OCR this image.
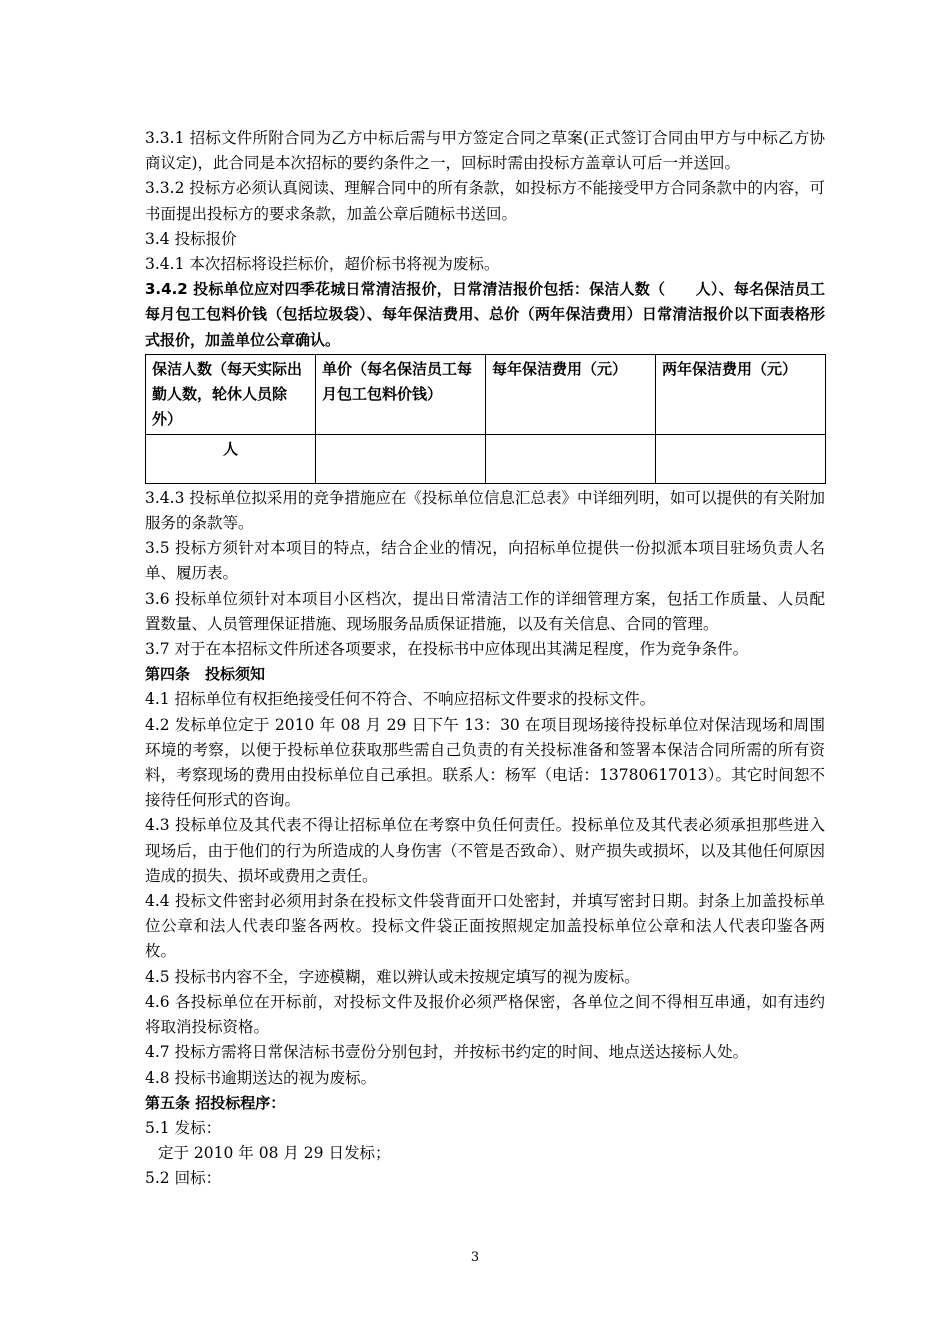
3.3.1 招标文件所附合同为乙方中标后需与甲方签定合同之草案(正式签订合同由甲方与中标乙方协商议定)，此合同是本次招标的要约条件之一，回标时需由投标方盖章认可后一并送回。

3.3.2 投标方必须认真阅读、理解合同中的所有条款，如投标方不能接受甲方合同条款中的内容，可书面提出投标方的要求条款，加盖公章后随标书送回。

3.4 投标报价

3.4.1 本次招标将设拦标价，超价标书将视为废标。

3.4.2 投标单位应对四季花城日常清洁报价，日常清洁报价包括：保洁人数（　　人）、每名保洁员工每月包工包料价钱（包括垃圾袋）、每年保洁费用、总价（两年保洁费用）日常清洁报价以下面表格形式报价，加盖单位公章确认。

保洁人数（每天实际出勤人数，轮休人员除外）	单价（每名保洁员工每月包工包料价钱）	每年保洁费用（元）	两年保洁费用（元）
人			

3.4.3 投标单位拟采用的竞争措施应在《投标单位信息汇总表》中详细列明，如可以提供的有关附加服务的条款等。

3.5 投标方须针对本项目的特点，结合企业的情况，向招标单位提供一份拟派本项目驻场负责人名单、履历表。

3.6 投标单位须针对本项目小区档次，提出日常清洁工作的详细管理方案，包括工作质量、人员配置数量、人员管理保证措施、现场服务品质保证措施，以及有关信息、合同的管理。

3.7 对于在本招标文件所述各项要求，在投标书中应体现出其满足程度，作为竞争条件。

第四条　投标须知

4.1 招标单位有权拒绝接受任何不符合、不响应招标文件要求的投标文件。

4.2 发标单位定于 2010 年 08 月 29 日下午 13：30 在项目现场接待投标单位对保洁现场和周围环境的考察，以便于投标单位获取那些需自己负责的有关投标准备和签署本保洁合同所需的所有资料，考察现场的费用由投标单位自己承担。联系人：杨军（电话：13780617013）。其它时间恕不接待任何形式的咨询。

4.3 投标单位及其代表不得让招标单位在考察中负任何责任。投标单位及其代表必须承担那些进入现场后，由于他们的行为所造成的人身伤害（不管是否致命）、财产损失或损坏，以及其他任何原因造成的损失、损坏或费用之责任。

4.4 投标文件密封必须用封条在投标文件袋背面开口处密封，并填写密封日期。封条上加盖投标单位公章和法人代表印鉴各两枚。投标文件袋正面按照规定加盖投标单位公章和法人代表印鉴各两枚。

4.5 投标书内容不全，字迹模糊，难以辨认或未按规定填写的视为废标。

4.6 各投标单位在开标前，对投标文件及报价必须严格保密，各单位之间不得相互串通，如有违约将取消投标资格。

4.7 投标方需将日常保洁标书壹份分别包封，并按标书约定的时间、地点送达接标人处。

4.8 投标书逾期送达的视为废标。

第五条 招投标程序：

5.1 发标：

定于 2010 年 08 月 29 日发标；

5.2 回标：

3
